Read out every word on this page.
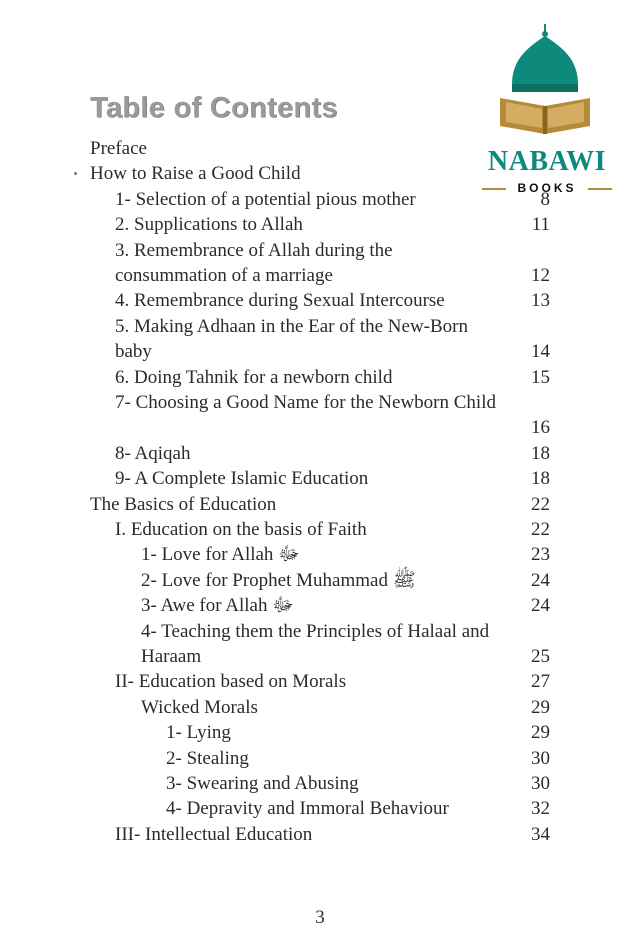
NABAWI
BOOKS
Table of Contents
Preface
How to Raise a Good Child
1- Selection of a potential pious mother	8
2. Supplications to Allah	11
3. Remembrance of Allah during the
consummation of a marriage	12
4. Remembrance during Sexual Intercourse	13
5. Making Adhaan in the Ear of the New-Born
baby	14
6. Doing Tahnik for a newborn child	15
7- Choosing a Good Name for the Newborn Child
16
8- Aqiqah	18
9- A Complete Islamic Education	18
The Basics of Education	22
I. Education on the basis of Faith	22
1- Love for Allah ﷻ	23
2- Love for Prophet Muhammad ﷺ	24
3- Awe for Allah ﷻ	24
4- Teaching them the Principles of Halaal and
Haraam	25
II- Education based on Morals	27
Wicked Morals	29
1- Lying	29
2- Stealing	30
3- Swearing and Abusing	30
4- Depravity and Immoral Behaviour	32
III- Intellectual Education	34
3
